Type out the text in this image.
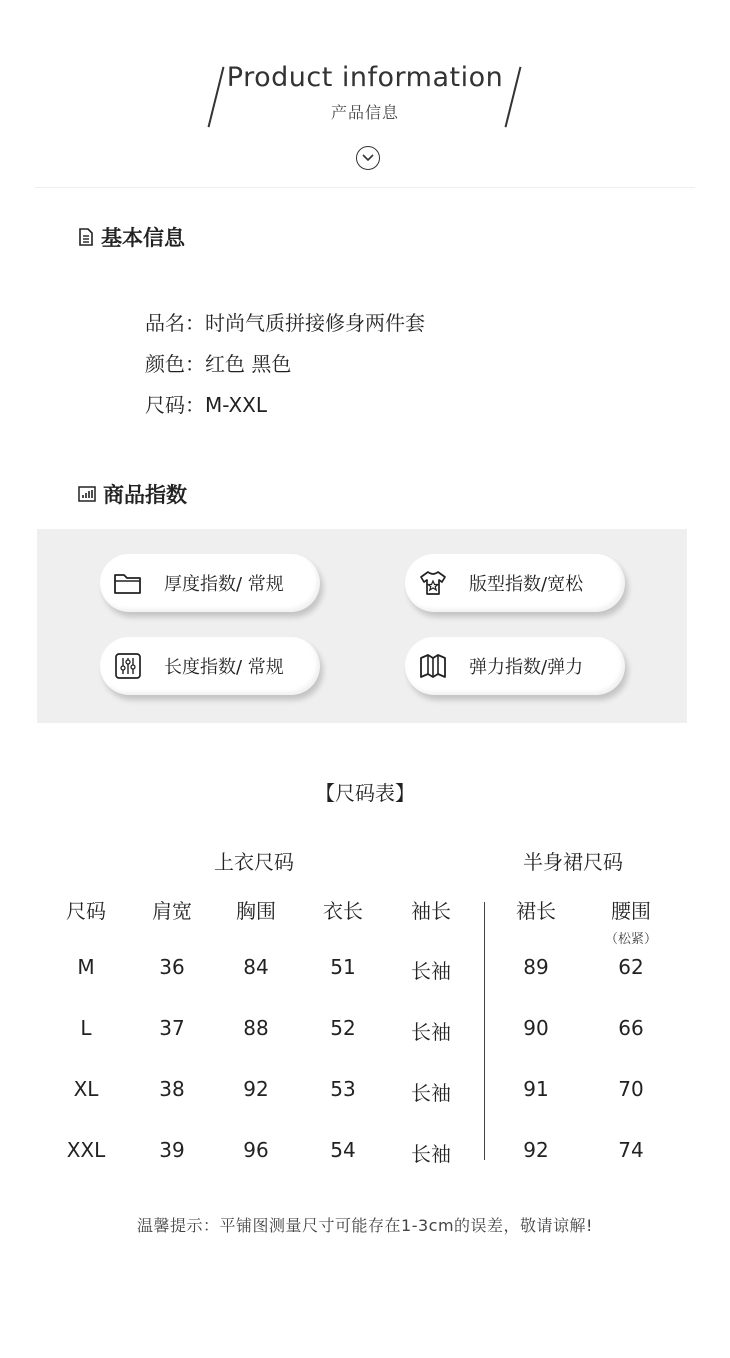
Product information
产品信息
基本信息
品名：时尚气质拼接修身两件套
颜色：红色 黑色
尺码：M-XXL
商品指数
厚度指数/ 常规	版型指数/宽松
长度指数/ 常规	弹力指数/弹力
【尺码表】
上衣尺码	半身裙尺码
尺码	肩宽	胸围	衣长	袖长	裙长	腰围
（松紧）
M	36	84	51	长袖	89	62
L	37	88	52	长袖	90	66
XL	38	92	53	长袖	91	70
XXL	39	96	54	长袖	92	74
温馨提示：平铺图测量尺寸可能存在1-3cm的误差，敬请谅解!
